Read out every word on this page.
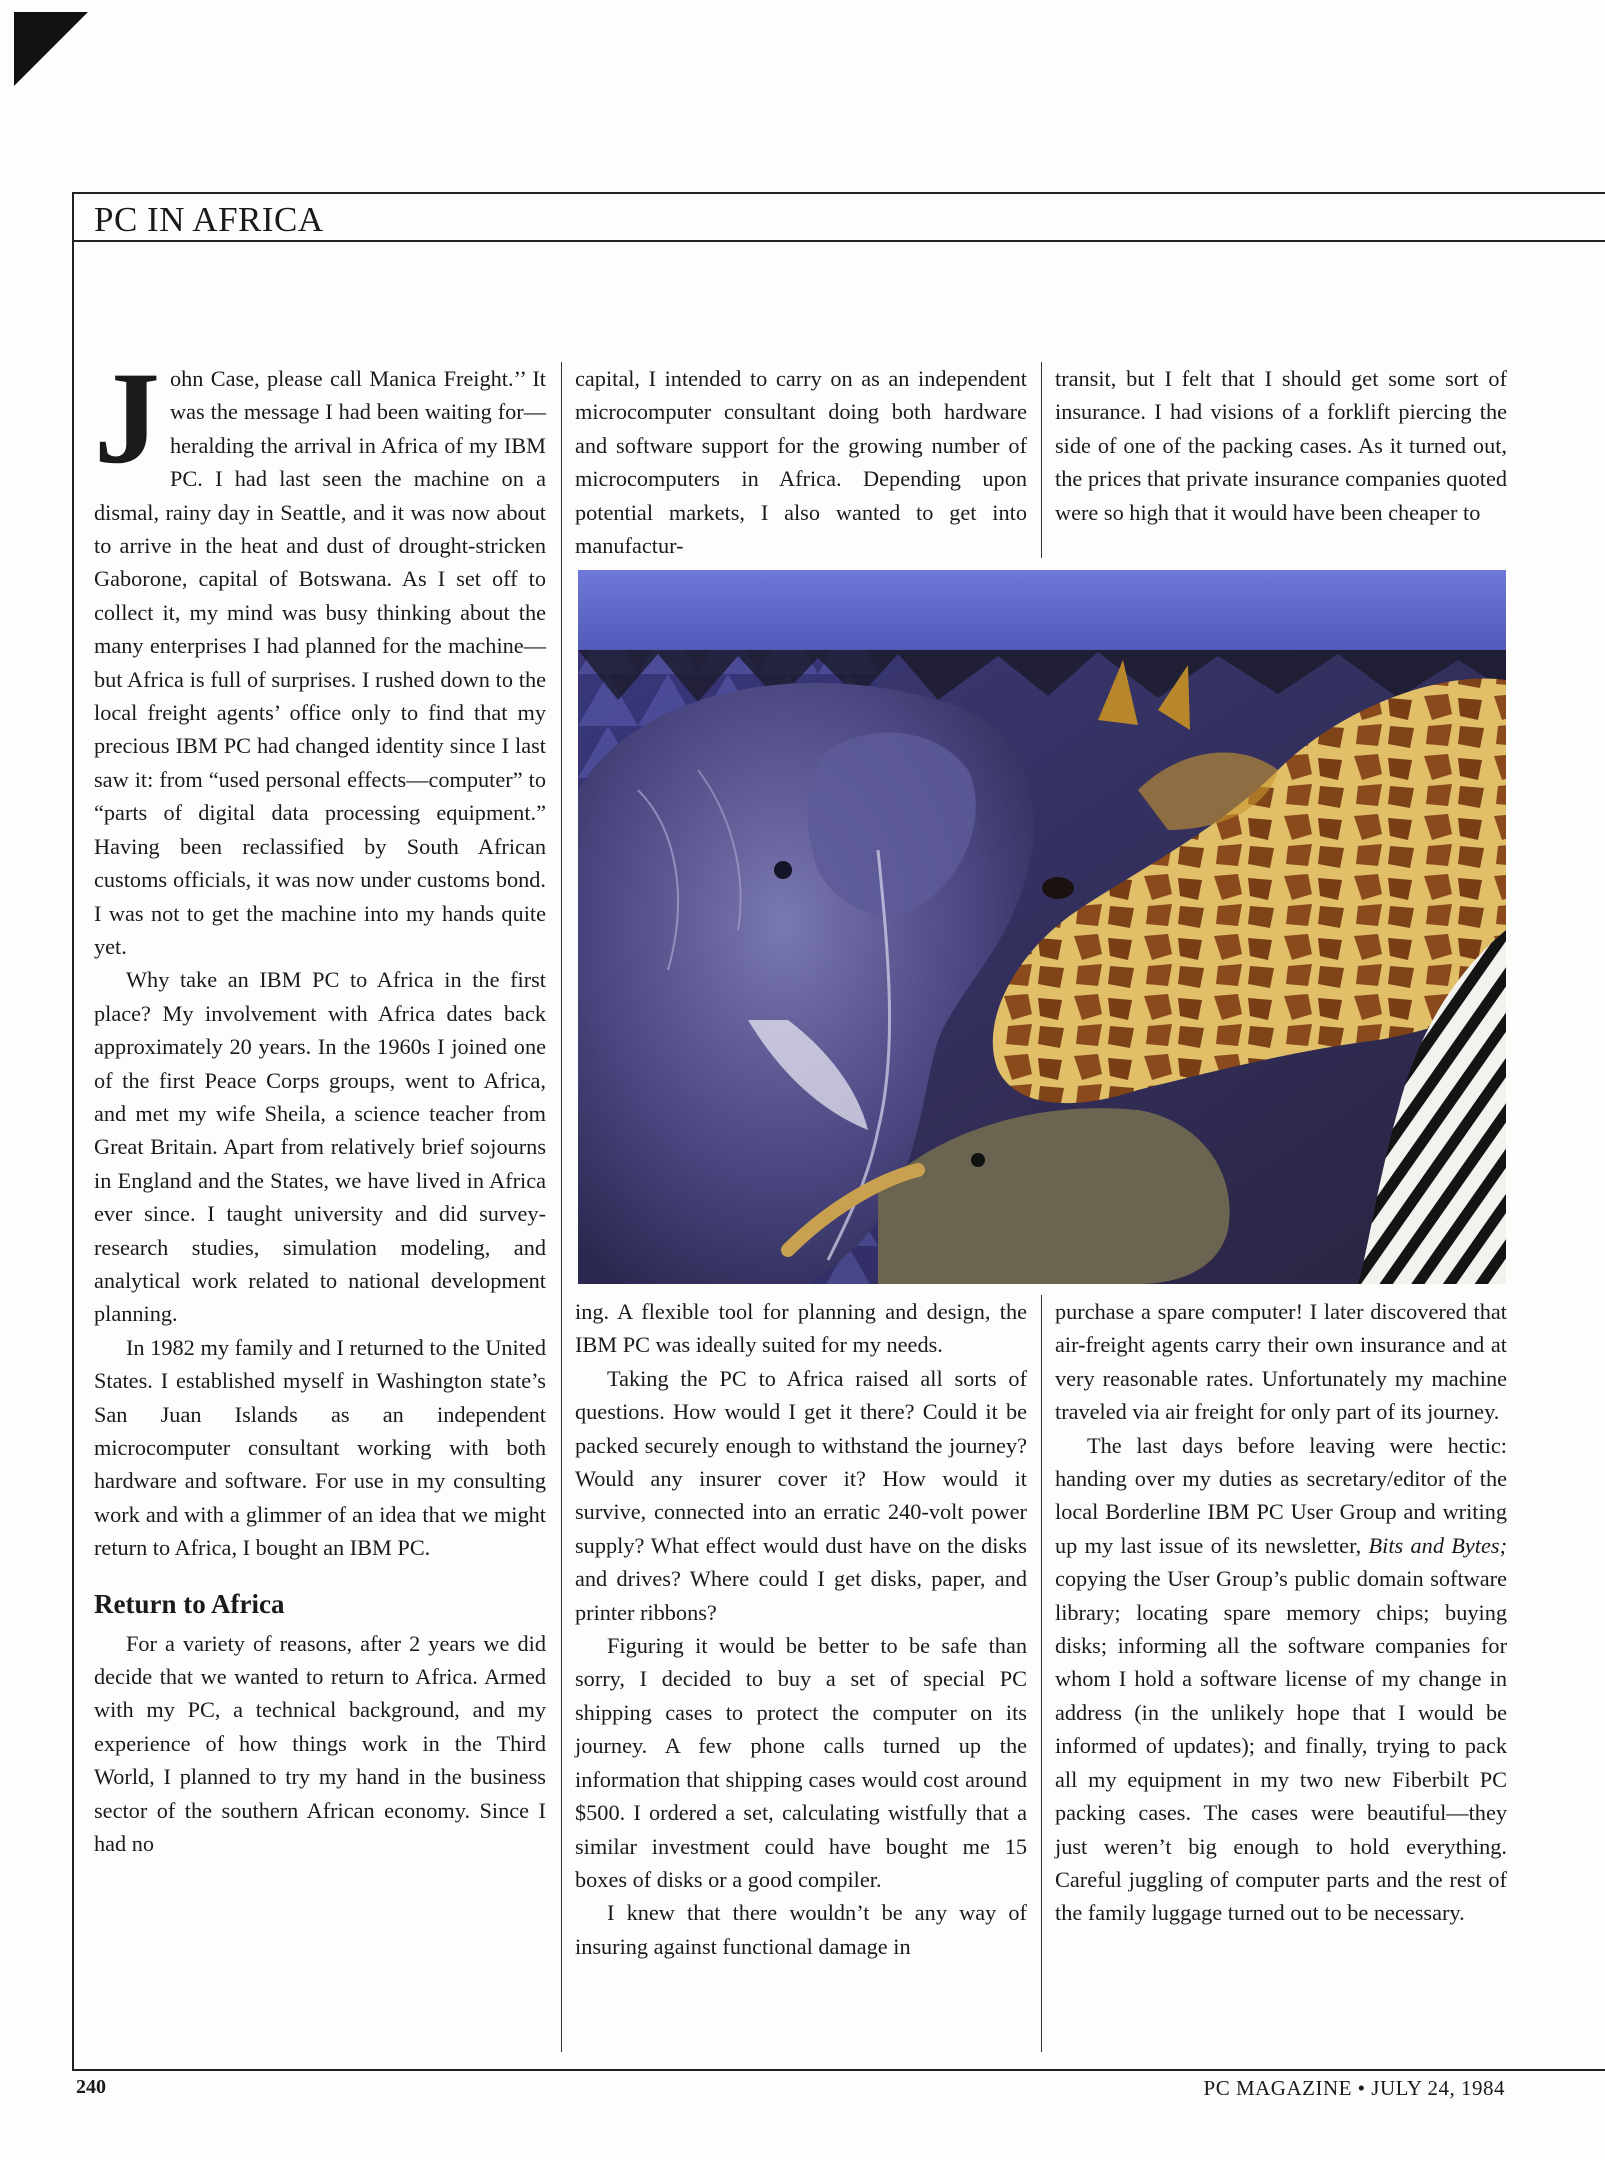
PC IN AFRICA

John Case, please call Manica Freight.’’ It was the message I had been waiting for—heralding the arrival in Africa of my IBM PC. I had last seen the machine on a dismal, rainy day in Seattle, and it was now about to arrive in the heat and dust of drought-stricken Gaborone, capital of Botswana. As I set off to collect it, my mind was busy thinking about the many enterprises I had planned for the machine—but Africa is full of surprises. I rushed down to the local freight agents’ office only to find that my precious IBM PC had changed identity since I last saw it: from “used personal effects—computer” to “parts of digital data processing equipment.” Having been reclassified by South African customs officials, it was now under customs bond. I was not to get the machine into my hands quite yet.

Why take an IBM PC to Africa in the first place? My involvement with Africa dates back approximately 20 years. In the 1960s I joined one of the first Peace Corps groups, went to Africa, and met my wife Sheila, a science teacher from Great Britain. Apart from relatively brief sojourns in England and the States, we have lived in Africa ever since. I taught university and did survey-research studies, simulation modeling, and analytical work related to national development planning.

In 1982 my family and I returned to the United States. I established myself in Washington state’s San Juan Islands as an independent microcomputer consultant working with both hardware and software. For use in my consulting work and with a glimmer of an idea that we might return to Africa, I bought an IBM PC.

Return to Africa

For a variety of reasons, after 2 years we did decide that we wanted to return to Africa. Armed with my PC, a technical background, and my experience of how things work in the Third World, I planned to try my hand in the business sector of the southern African economy. Since I had no

capital, I intended to carry on as an independent microcomputer consultant doing both hardware and software support for the growing number of microcomputers in Africa. Depending upon potential markets, I also wanted to get into manufactur-

transit, but I felt that I should get some sort of insurance. I had visions of a forklift piercing the side of one of the packing cases. As it turned out, the prices that private insurance companies quoted were so high that it would have been cheaper to

ing. A flexible tool for planning and design, the IBM PC was ideally suited for my needs.

Taking the PC to Africa raised all sorts of questions. How would I get it there? Could it be packed securely enough to withstand the journey? Would any insurer cover it? How would it survive, connected into an erratic 240-volt power supply? What effect would dust have on the disks and drives? Where could I get disks, paper, and printer ribbons?

Figuring it would be better to be safe than sorry, I decided to buy a set of special PC shipping cases to protect the computer on its journey. A few phone calls turned up the information that shipping cases would cost around $500. I ordered a set, calculating wistfully that a similar investment could have bought me 15 boxes of disks or a good compiler.

I knew that there wouldn’t be any way of insuring against functional damage in

purchase a spare computer! I later discovered that air-freight agents carry their own insurance and at very reasonable rates. Unfortunately my machine traveled via air freight for only part of its journey.

The last days before leaving were hectic: handing over my duties as secretary/editor of the local Borderline IBM PC User Group and writing up my last issue of its newsletter, Bits and Bytes; copying the User Group’s public domain software library; locating spare memory chips; buying disks; informing all the software companies for whom I hold a software license of my change in address (in the unlikely hope that I would be informed of updates); and finally, trying to pack all my equipment in my two new Fiberbilt PC packing cases. The cases were beautiful—they just weren’t big enough to hold everything. Careful juggling of computer parts and the rest of the family luggage turned out to be necessary.

240	PC MAGAZINE • JULY 24, 1984
